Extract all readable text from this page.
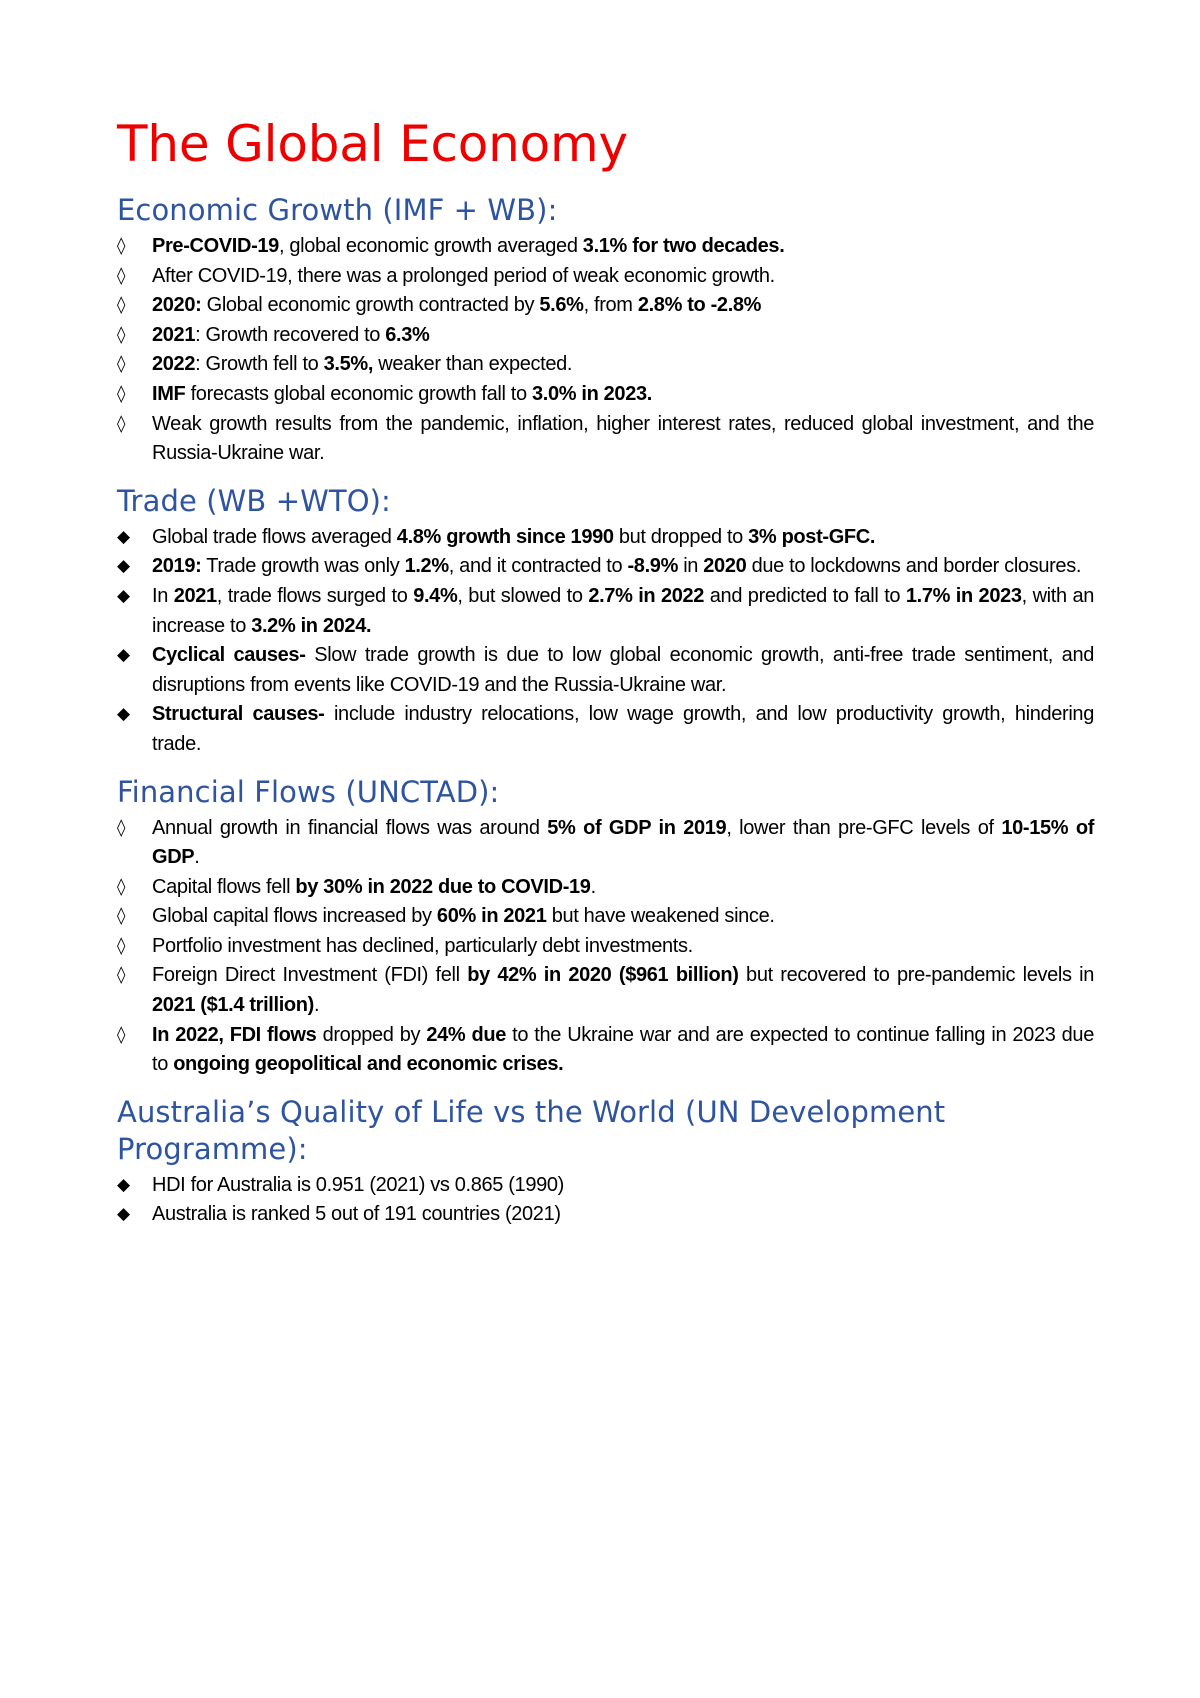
The Global Economy
Economic Growth (IMF + WB):
◊	Pre-COVID-19, global economic growth averaged 3.1% for two decades.
◊	After COVID-19, there was a prolonged period of weak economic growth.
◊	2020: Global economic growth contracted by 5.6%, from 2.8% to -2.8%
◊	2021: Growth recovered to 6.3%
◊	2022: Growth fell to 3.5%, weaker than expected.
◊	IMF forecasts global economic growth fall to 3.0% in 2023.
◊	Weak growth results from the pandemic, inflation, higher interest rates, reduced global investment, and the Russia-Ukraine war.
Trade (WB +WTO):
◆	Global trade flows averaged 4.8% growth since 1990 but dropped to 3% post-GFC.
◆	2019: Trade growth was only 1.2%, and it contracted to -8.9% in 2020 due to lockdowns and border closures.
◆	In 2021, trade flows surged to 9.4%, but slowed to 2.7% in 2022 and predicted to fall to 1.7% in 2023, with an increase to 3.2% in 2024.
◆	Cyclical causes- Slow trade growth is due to low global economic growth, anti-free trade sentiment, and disruptions from events like COVID-19 and the Russia-Ukraine war.
◆	Structural causes- include industry relocations, low wage growth, and low productivity growth, hindering trade.
Financial Flows (UNCTAD):
◊	Annual growth in financial flows was around 5% of GDP in 2019, lower than pre-GFC levels of 10-15% of GDP.
◊	Capital flows fell by 30% in 2022 due to COVID-19.
◊	Global capital flows increased by 60% in 2021 but have weakened since.
◊	Portfolio investment has declined, particularly debt investments.
◊	Foreign Direct Investment (FDI) fell by 42% in 2020 ($961 billion) but recovered to pre-pandemic levels in 2021 ($1.4 trillion).
◊	In 2022, FDI flows dropped by 24% due to the Ukraine war and are expected to continue falling in 2023 due to ongoing geopolitical and economic crises.
Australia’s Quality of Life vs the World (UN Development Programme):
◆	HDI for Australia is 0.951 (2021) vs 0.865 (1990)
◆	Australia is ranked 5 out of 191 countries (2021)
